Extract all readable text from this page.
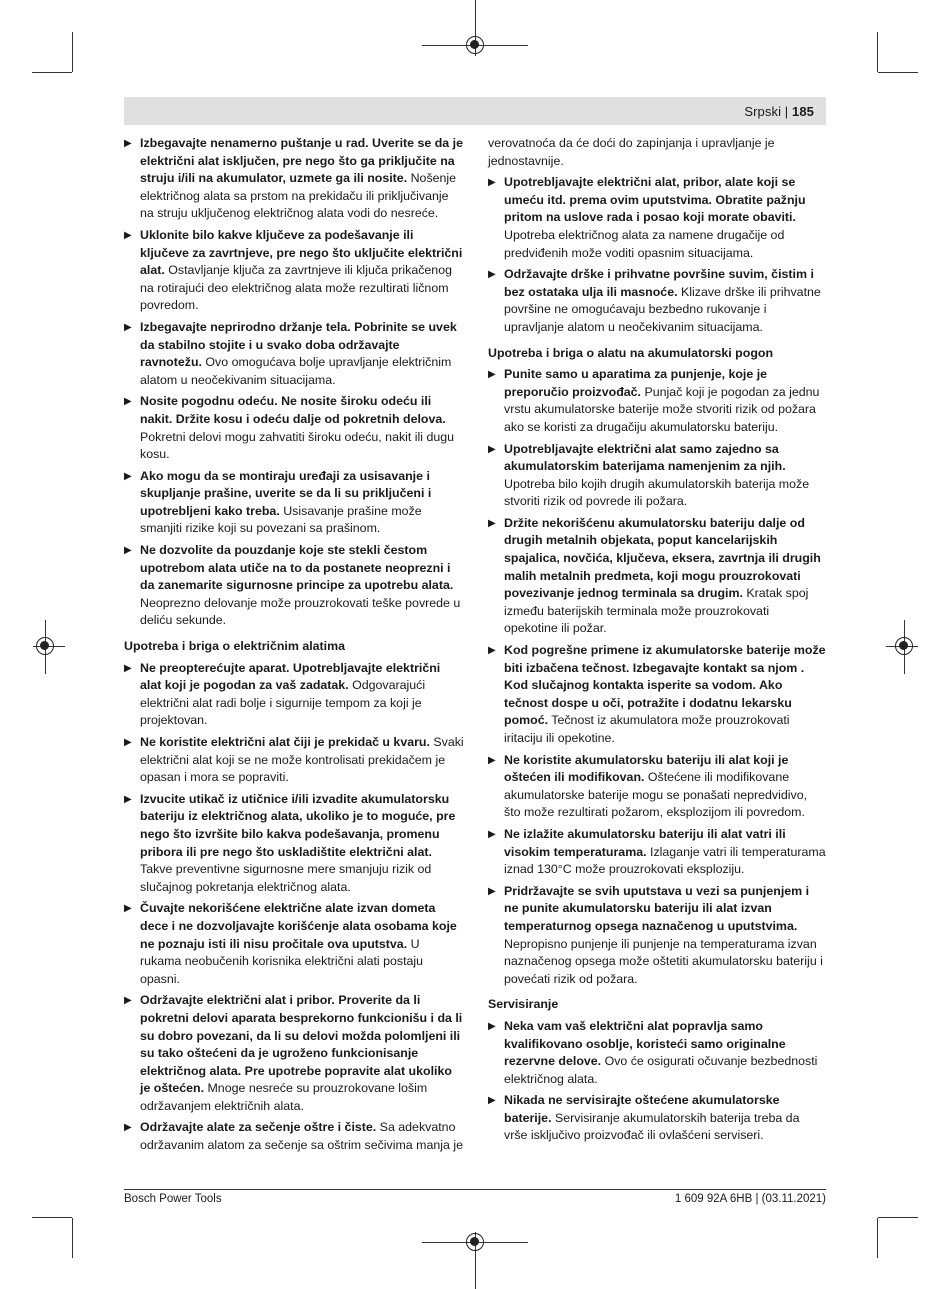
Srpski | 185
▶ Izbegavajte nenamerno puštanje u rad. Uverite se da je električni alat isključen, pre nego što ga priključite na struju i/ili na akumulator, uzmete ga ili nosite. Nošenje električnog alata sa prstom na prekidaču ili priključivanje na struju uključenog električnog alata vodi do nesreće.
▶ Uklonite bilo kakve ključeve za podešavanje ili ključeve za zavrtnjeve, pre nego što uključite električni alat. Ostavljanje ključa za zavrtnjeve ili ključa prikačenog na rotirajući deo električnog alata može rezultirati ličnom povredom.
▶ Izbegavajte neprirodno držanje tela. Pobrinite se uvek da stabilno stojite i u svako doba održavajte ravnotežu. Ovo omogućava bolje upravljanje električnim alatom u neočekivanim situacijama.
▶ Nosite pogodnu odeću. Ne nosite široku odeću ili nakit. Držite kosu i odeću dalje od pokretnih delova. Pokretni delovi mogu zahvatiti široku odeću, nakit ili dugu kosu.
▶ Ako mogu da se montiraju uređaji za usisavanje i skupljanje prašine, uverite se da li su priključeni i upotrebljeni kako treba. Usisavanje prašine može smanjiti rizike koji su povezani sa prašinom.
▶ Ne dozvolite da pouzdanje koje ste stekli čestom upotrebom alata utiče na to da postanete neoprezni i da zanemarite sigurnosne principe za upotrebu alata. Neoprezno delovanje može prouzrokovati teške povrede u deliću sekunde.
Upotreba i briga o električnim alatima
▶ Ne preopterećujte aparat. Upotrebljavajte električni alat koji je pogodan za vaš zadatak. Odgovarajući električni alat radi bolje i sigurnije tempom za koji je projektovan.
▶ Ne koristite električni alat čiji je prekidač u kvaru. Svaki električni alat koji se ne može kontrolisati prekidačem je opasan i mora se popraviti.
▶ Izvucite utikač iz utičnice i/ili izvadite akumulatorsku bateriju iz električnog alata, ukoliko je to moguće, pre nego što izvršite bilo kakva podešavanja, promenu pribora ili pre nego što uskladištite električni alat. Takve preventivne sigurnosne mere smanjuju rizik od slučajnog pokretanja električnog alata.
▶ Čuvajte nekorišćene električne alate izvan dometa dece i ne dozvoljavajte korišćenje alata osobama koje ne poznaju isti ili nisu pročitale ova uputstva. U rukama neobučenih korisnika električni alati postaju opasni.
▶ Održavajte električni alat i pribor. Proverite da li pokretni delovi aparata besprekorno funkcionišu i da li su dobro povezani, da li su delovi možda polomljeni ili su tako oštećeni da je ugroženo funkcionisanje električnog alata. Pre upotrebe popravite alat ukoliko je oštećen. Mnoge nesreće su prouzrokovane lošim održavanjem električnih alata.
▶ Održavajte alate za sečenje oštre i čiste. Sa adekvatno održavanim alatom za sečenje sa oštrim sečivima manja je
verovatnoća da će doći do zapinjanja i upravljanje je jednostavnije.
▶ Upotrebljavajte električni alat, pribor, alate koji se umeću itd. prema ovim uputstvima. Obratite pažnju pritom na uslove rada i posao koji morate obaviti. Upotreba električnog alata za namene drugačije od predviđenih može voditi opasnim situacijama.
▶ Održavajte drške i prihvatne površine suvim, čistim i bez ostataka ulja ili masnoće. Klizave drške ili prihvatne površine ne omogućavaju bezbedno rukovanje i upravljanje alatom u neočekivanim situacijama.
Upotreba i briga o alatu na akumulatorski pogon
▶ Punite samo u aparatima za punjenje, koje je preporučio proizvođač. Punjač koji je pogodan za jednu vrstu akumulatorske baterije može stvoriti rizik od požara ako se koristi za drugačiju akumulatorsku bateriju.
▶ Upotrebljavajte električni alat samo zajedno sa akumulatorskim baterijama namenjenim za njih. Upotreba bilo kojih drugih akumulatorskih baterija može stvoriti rizik od povrede ili požara.
▶ Držite nekorišćenu akumulatorsku bateriju dalje od drugih metalnih objekata, poput kancelarijskih spajalica, novčića, ključeva, eksera, zavrtnja ili drugih malih metalnih predmeta, koji mogu prouzrokovati povezivanje jednog terminala sa drugim. Kratak spoj između baterijskih terminala može prouzrokovati opekotine ili požar.
▶ Kod pogrešne primene iz akumulatorske baterije može biti izbačena tečnost. Izbegavajte kontakt sa njom . Kod slučajnog kontakta isperite sa vodom. Ako tečnost dospe u oči, potražite i dodatnu lekarsku pomoć. Tečnost iz akumulatora može prouzrokovati iritaciju ili opekotine.
▶ Ne koristite akumulatorsku bateriju ili alat koji je oštećen ili modifikovan. Oštećene ili modifikovane akumulatorske baterije mogu se ponašati nepredvidivo, što može rezultirati požarom, eksplozijom ili povredom.
▶ Ne izlažite akumulatorsku bateriju ili alat vatri ili visokim temperaturama. Izlaganje vatri ili temperaturama iznad 130°C može prouzrokovati eksploziju.
▶ Pridržavajte se svih uputstava u vezi sa punjenjem i ne punite akumulatorsku bateriju ili alat izvan temperaturnog opsega naznačenog u uputstvima. Nepropisno punjenje ili punjenje na temperaturama izvan naznačenog opsega može oštetiti akumulatorsku bateriju i povećati rizik od požara.
Servisiranje
▶ Neka vam vaš električni alat popravlja samo kvalifikovano osoblje, koristeći samo originalne rezervne delove. Ovo će osigurati očuvanje bezbednosti električnog alata.
▶ Nikada ne servisirajte oštećene akumulatorske baterije. Servisiranje akumulatorskih baterija treba da vrše isključivo proizvođač ili ovlašćeni serviseri.
Bosch Power Tools	1 609 92A 6HB | (03.11.2021)
